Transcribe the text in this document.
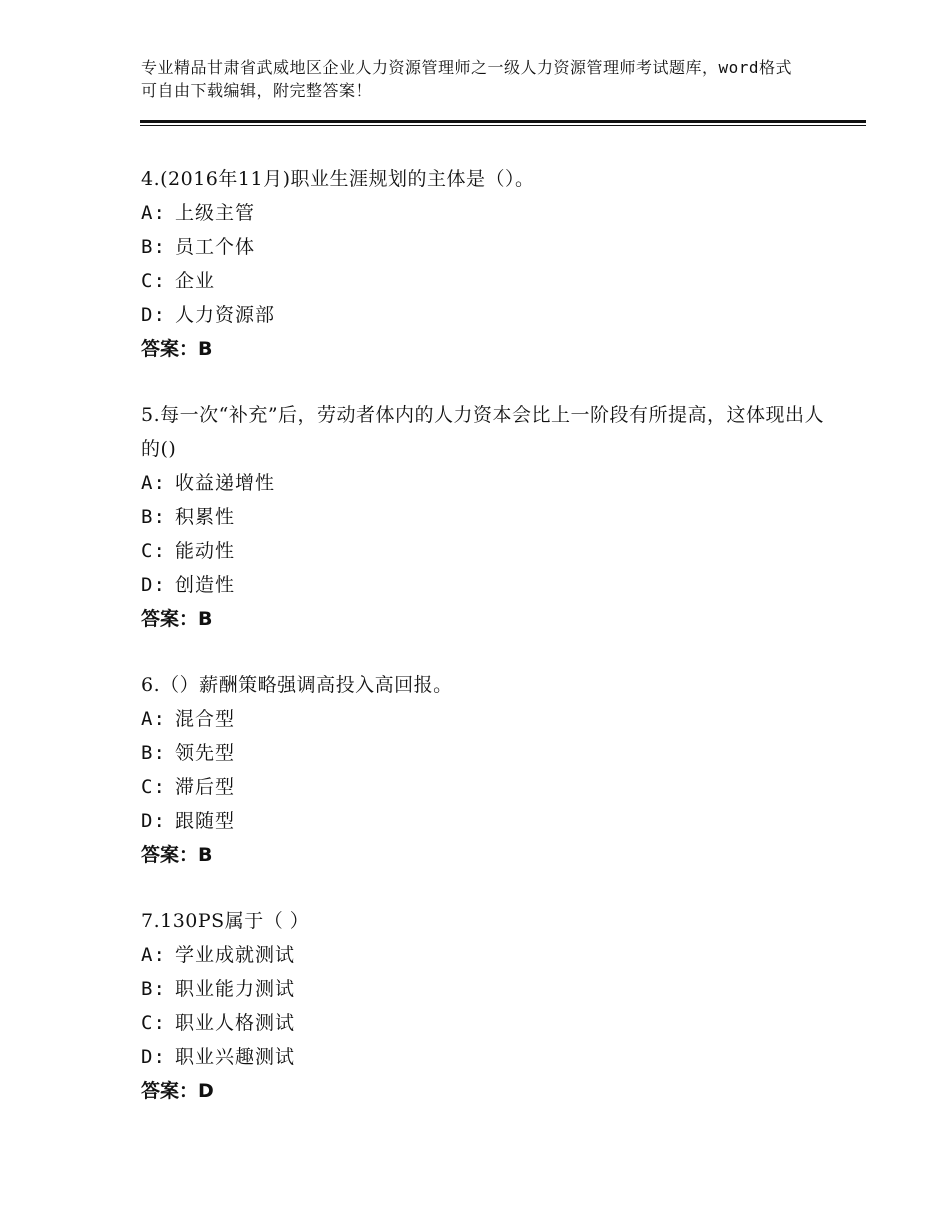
专业精品甘肃省武威地区企业人力资源管理师之一级人力资源管理师考试题库，word格式可自由下载编辑，附完整答案！
4.(2016年11月)职业生涯规划的主体是（）。
A: 上级主管
B: 员工个体
C: 企业
D: 人力资源部
答案：B
5.每一次“补充”后，劳动者体内的人力资本会比上一阶段有所提高，这体现出人的()
A: 收益递增性
B: 积累性
C: 能动性
D: 创造性
答案：B
6.（）薪酬策略强调高投入高回报。
A: 混合型
B: 领先型
C: 滞后型
D: 跟随型
答案：B
7.130PS属于（ ）
A: 学业成就测试
B: 职业能力测试
C: 职业人格测试
D: 职业兴趣测试
答案：D
